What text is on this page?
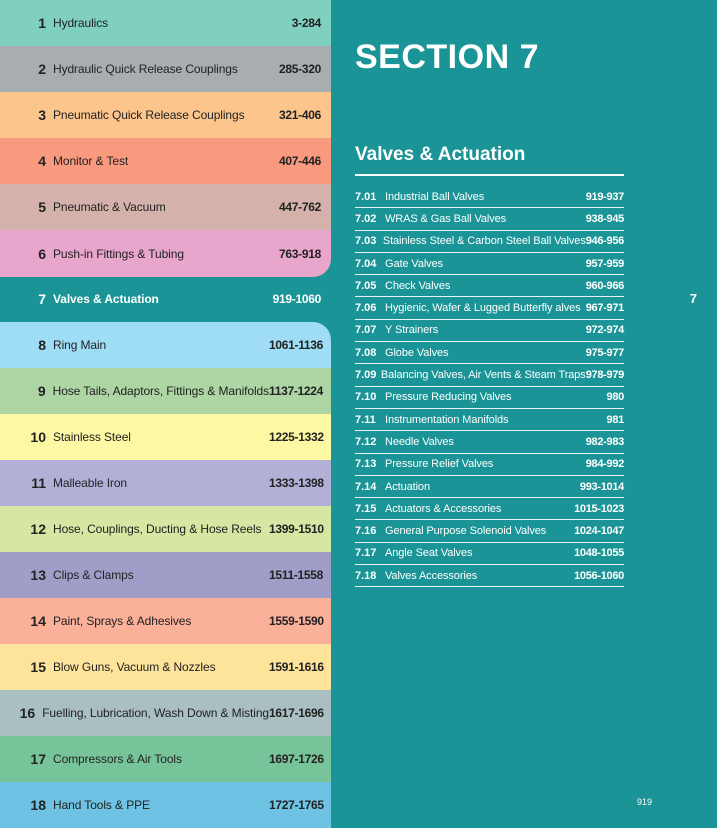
1 Hydraulics	3-284
2 Hydraulic Quick Release Couplings	285-320
3 Pneumatic Quick Release Couplings	321-406
4 Monitor & Test	407-446
5 Pneumatic & Vacuum	447-762
6 Push-in Fittings & Tubing	763-918
7 Valves & Actuation	919-1060
8 Ring Main	1061-1136
9 Hose Tails, Adaptors, Fittings & Manifolds 1137-1224
10 Stainless Steel	1225-1332
11 Malleable Iron	1333-1398
12 Hose, Couplings, Ducting & Hose Reels 1399-1510
13 Clips & Clamps	1511-1558
14 Paint, Sprays & Adhesives	1559-1590
15 Blow Guns, Vacuum & Nozzles	1591-1616
16 Fuelling, Lubrication, Wash Down & Misting 1617-1696
17 Compressors & Air Tools	1697-1726
18 Hand Tools & PPE	1727-1765
SECTION 7
Valves & Actuation
7.01 Industrial Ball Valves	919-937
7.02 WRAS & Gas Ball Valves	938-945
7.03 Stainless Steel & Carbon Steel Ball Valves 946-956
7.04 Gate Valves	957-959
7.05 Check Valves	960-966
7.06 Hygienic, Wafer & Lugged Butterfly alves 967-971
7.07 Y Strainers	972-974
7.08 Globe Valves	975-977
7.09 Balancing Valves, Air Vents & Steam Traps 978-979
7.10 Pressure Reducing Valves	980
7.11 Instrumentation Manifolds	981
7.12 Needle Valves	982-983
7.13 Pressure Relief Valves	984-992
7.14 Actuation	993-1014
7.15 Actuators & Accessories	1015-1023
7.16 General Purpose Solenoid Valves	1024-1047
7.17 Angle Seat Valves	1048-1055
7.18 Valves Accessories	1056-1060
7
919
